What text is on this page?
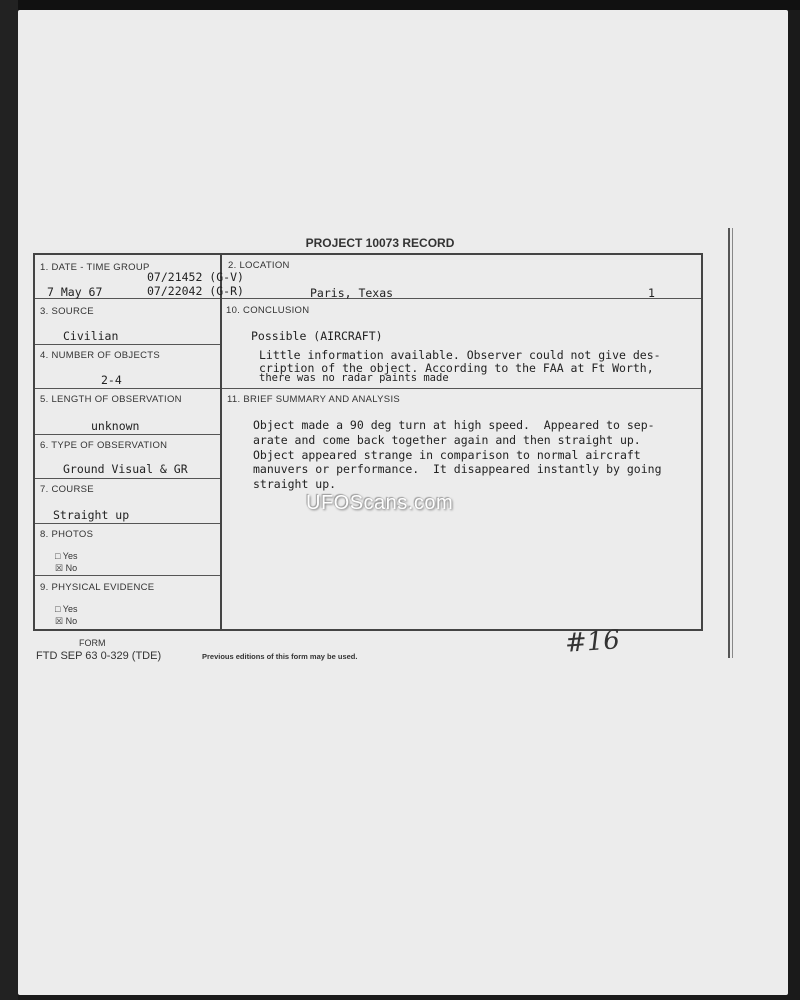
PROJECT 10073 RECORD
1. DATE - TIME GROUP
07/21452 (G-V)
7 May 67	07/22042 (G-R)
2. LOCATION
Paris, Texas	1
3. SOURCE
Civilian
10. CONCLUSION
Possible (AIRCRAFT)
Little information available. Observer could not give des-
cription of the object. According to the FAA at Ft Worth,
there was no radar paints made
4. NUMBER OF OBJECTS
2-4
5. LENGTH OF OBSERVATION
unknown
11. BRIEF SUMMARY AND ANALYSIS
Object made a 90 deg turn at high speed.  Appeared to sep-
arate and come back together again and then straight up.
Object appeared strange in comparison to normal aircraft
manuvers or performance.  It disappeared instantly by going
straight up.
6. TYPE OF OBSERVATION
Ground Visual & GR
7. COURSE
Straight up
8. PHOTOS
□ Yes
☒ No
9. PHYSICAL EVIDENCE
□ Yes
☒ No
FORM
FTD SEP 63 0-329 (TDE)	Previous editions of this form may be used.
UFOScans.com
#16
